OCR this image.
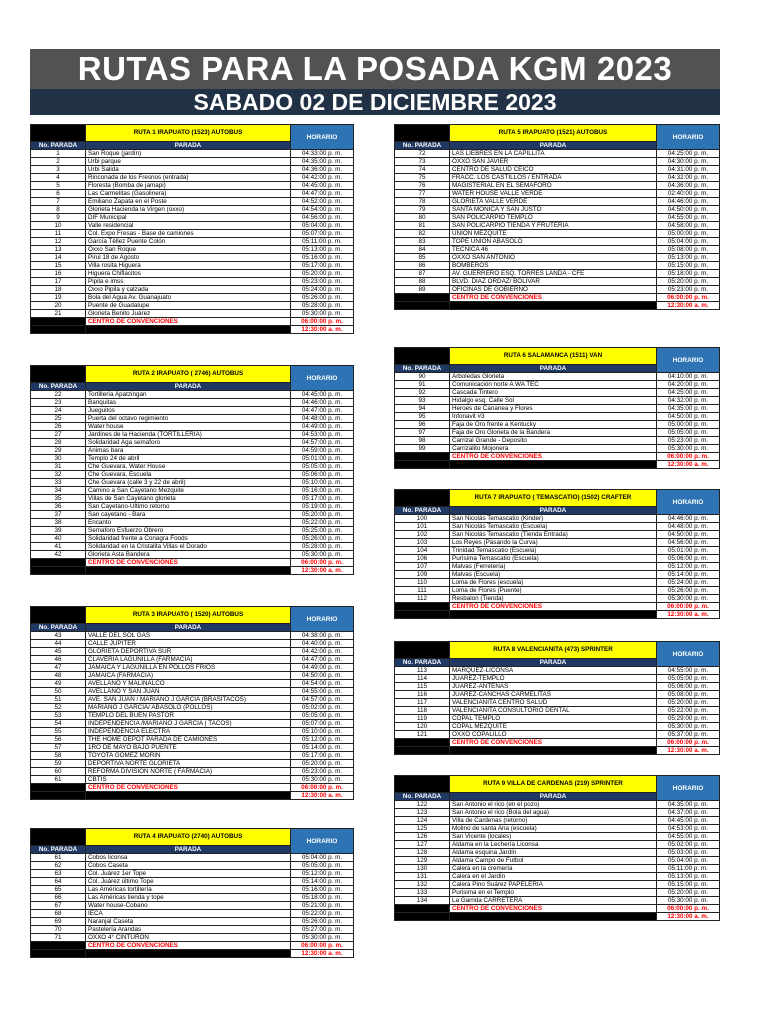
RUTAS PARA LA POSADA KGM 2023
SABADO 02 DE DICIEMBRE 2023
	RUTA 1 IRAPUATO (1523) AUTOBUS	HORARIO
No. PARADA	PARADA	
1	San Roque (jardín)	04:33:00 p. m.
2	Urbi parque	04:35:00 p. m.
3	Urbi Salida	04:36:00 p. m.
4	Rinconada de los Fresnos (entrada)	04:42:00 p. m.
5	Floresta (Bomba de jamapi)	04:45:00 p. m.
6	Las Carmelitas (Gasolinera)	04:47:00 p. m.
7	Emiliano Zapata en el Poste	04:52:00 p. m.
8	Glorieta Hacienda la Virgen (oxxo)	04:54:00 p. m.
9	DIF Municipal	04:56:00 p. m.
10	Valle residencial	05:04:00 p. m.
11	Col. Expo Fresas - Base de camiones	05:07:00 p. m.
12	García Téllez Puente Colón	05:11:00 p. m.
13	Oxxo San Roque	05:13:00 p. m.
14	Pirul 18 de Agosto	05:16:00 p. m.
15	Villa rosita Higuera	05:17:00 p. m.
16	Higuera Chiflacitos	05:20:00 p. m.
17	Pipila e imss	05:23:00 p. m.
18	Oxxo Pipila y calzada	05:24:00 p. m.
19	Bola del Agua Av. Guanajuato	05:26:00 p. m.
20	Puente de Guadalupe	05:28:00 p. m.
21	Glorieta Benito Juárez	05:30:00 p. m.
	CENTRO DE CONVENCIONES	06:00:00 p. m.
		12:30:00 a. m.
	RUTA 2 IRAPUATO ( 2746) AUTOBUS	HORARIO
No. PARADA	PARADA	
22	Tortillería Apatzingan	04:45:00 p. m.
23	Banquitas	04:46:00 p. m.
24	Jueguitos	04:47:00 p. m.
25	Puerta del octavo regimiento	04:48:00 p. m.
26	Water house	04:49:00 p. m.
27	Jardines de la Hacienda (TORTILLERIA)	04:53:00 p. m.
28	Solidaridad Aga semaforo	04:57:00 p. m.
29	Animas bara	04:59:00 p. m.
30	Templo 24 de abril	05:01:00 p. m.
31	Che Guevara, Water House	05:05:00 p. m.
32	Che Guevara, Escuela	05:06:00 p. m.
33	Che Guevara (calle 3 y 22 de abril)	05:10:00 p. m.
34	Camino a San Cayetano Mezquite	05:16:00 p. m.
35	Villas de San Cayetano glorieta	05:17:00 p. m.
36	San Cayetano-Ultimo retorno	05:19:00 p. m.
37	San cayetano - Bara	05:20:00 p. m.
38	Encanto	05:22:00 p. m.
39	Semaforo Esfuerzo Obrero	05:25:00 p. m.
40	Solidaridad frente a Conagra Foods	05:26:00 p. m.
41	Solidaridad en la Cristalita Villas el Dorado	05:28:00 p. m.
42	Glorieta Asta Bandera	05:30:00 p. m.
	CENTRO DE CONVENCIONES	06:00:00 p. m.
		12:30:00 a. m.
	RUTA 3 IRAPUATO ( 1520) AUTOBUS	HORARIO
No. PARADA	PARADA	
43	VALLE DEL SOL GAS	04:38:00 p. m.
44	CALLE JUPITER	04:40:00 p. m.
45	GLORIETA DEPORTIVA SUR	04:42:00 p. m.
46	CLAVERIA LAGUNILLA (FARMACIA)	04:47:00 p. m.
47	JAMAICA Y LAGUNILLA EN POLLOS FRIOS	04:49:00 p. m.
48	JAMAICA (FARMACIA)	04:50:00 p. m.
49	AVELLANO Y MALINALCO	04:54:00 p. m.
50	AVELLANO Y SAN JUAN	04:55:00 p. m.
51	AVE. SAN JUAN / MARIANO J GARCIA (BRASITACOS)	04:57:00 p. m.
52	MARIANO J GARCIA/ ABASOLO (POLLOS)	05:02:00 p. m.
53	TEMPLO DEL BUEN PASTOR	05:05:00 p. m.
54	INDEPENDENCIA /MARIANO J GARCIA ( TACOS)	05:07:00 p. m.
55	INDEPENDENCIA ELECTRA	05:10:00 p. m.
56	THE HOME DEPOT PARADA DE CAMIONES	05:12:00 p. m.
57	1RO DE MAYO BAJO PUENTE	05:14:00 p. m.
58	TOYOTA GOMEZ MORIN	05:17:00 p. m.
59	DEPORTIVA NORTE GLORIETA	05:20:00 p. m.
60	REFORMA DIVISION NORTE ( FARMACIA)	05:23:00 p. m.
61	CBTIS	05:30:00 p. m.
	CENTRO DE CONVENCIONES	06:00:00 p. m.
		12:30:00 a. m.
	RUTA 4 IRAPUATO (2740) AUTOBUS	HORARIO
No. PARADA	PARADA	
61	Cobos liconsa	05:04:00 p. m.
62	Cobos Caseta	05:05:00 p. m.
63	Col. Juárez 1er Tope	05:12:00 p. m.
64	Col. Juárez último Tope	05:14:00 p. m.
65	Las Américas tortillería	05:16:00 p. m.
66	Las Américas tienda y tope	05:18:00 p. m.
67	Water house-Cobano	05:21:00 p. m.
68	IECA	05:22:00 p. m.
69	Naranjal Caseta	05:26:00 p. m.
70	Pastelería Arandas	05:27:00 p. m.
71	OXXO 4° CINTURON	05:30:00 p. m.
	CENTRO DE CONVENCIONES	06:00:00 p. m.
		12:30:00 a. m.
	RUTA 5 IRAPUATO (1521) AUTOBUS	HORARIO
No. PARADA	PARADA	
72	LAS LIEBRES EN LA CAPILLITA	04:25:00 p. m.
73	OXXO SAN JAVIER	04:30:00 p. m.
74	CENTRO DE SALUD CEICO	04:31:00 p. m.
75	FRACC. LOS CASTILLOS / ENTRADA	04:32:00 p. m.
76	MAGISTERIAL EN EL SEMAFORO	04:36:00 p. m.
77	WATER HOUSE VALLE VERDE	02:40:00 p. m.
78	GLORIETA VALLE VERDE	04:46:00 p. m.
79	SANTA MONICA Y SAN JUSTO	04:50:00 p. m.
80	SAN POLICARPIO TEMPLO	04:55:00 p. m.
81	SAN POLICARPIO TIENDA Y FRUTERIA	04:58:00 p. m.
82	UNION MEZQUITE	05:00:00 p. m.
83	TOPE UNION ABASOLO	05:04:00 p. m.
84	TECNICA 46	05:08:00 p. m.
85	OXXO SAN ANTONIO	05:13:00 p. m.
86	BOMBEROS	05:15:00 p. m.
87	AV. GUERRERO ESQ. TORRES LANDA - CFE	05:18:00 p. m.
88	BLVD. DIAZ ORDAZ/ BOLIVAR	05:20:00 p. m.
89	OFICINAS DE GOBIERNO	05:23:00 p. m.
	CENTRO DE CONVENCIONES	06:00:00 p. m.
		12:30:00 a. m.
	RUTA 6 SALAMANCA (1511) VAN	HORARIO
No. PARADA	PARADA	
90	Arboledas Glorieta	04:10:00 p. m.
91	Comunicación norte A WA TEC	04:20:00 p. m.
92	Cascada Tintero	04:25:00 p. m.
93	Hidalgo esq. Calle Sol	04:32:00 p. m.
94	Heroes de Cananea y Flores	04:35:00 p. m.
95	Infonavit #3	04:50:00 p. m.
96	Faja de Oro frente a Kentucky	05:00:00 p. m.
97	Faja de Oro Glorieta de la Bandera	05:05:00 p. m.
98	Carrizal Grande - Deposito	05:23:00 p. m.
99	Carrizalito Mojonera	05:30:00 p. m.
	CENTRO DE CONVENCIONES	06:00:00 p. m.
		12:30:00 a. m.
	RUTA 7 IRAPUATO ( TEMASCATIO) (1502) CRAFTER	HORARIO
No. PARADA	PARADA	
100	San Nicolás Temascatio (Kinder)	04:46:00 p. m.
101	San Nicolás Temascatio (Escuela)	04:48:00 p. m.
102	San Nicolás Temascatio (Tienda Entrada)	04:50:00 p. m.
103	Los Reyes (Pasando la Curva)	04:56:00 p. m.
104	Trinidad Temascatio (Escuela)	05:01:00 p. m.
106	Purísima Temascatio (Escuela)	05:06:00 p. m.
107	Malvas (Ferretería)	05:12:00 p. m.
109	Malvas (Escuela)	05:14:00 p. m.
110	Loma de Flores (escuela)	05:24:00 p. m.
111	Loma de Flores (Puente)	05:26:00 p. m.
112	Resbalon (Tienda)	05:30:00 p. m.
	CENTRO DE CONVENCIONES	06:00:00 p. m.
		12:30:00 a. m.
	RUTA 8 VALENCIANITA (473) SPRINTER	HORARIO
No. PARADA	PARADA	
113	MARQUEZ-LICONSA	04:55:00 p. m.
114	JUAREZ-TEMPLO	05:05:00 p. m.
115	JUAREZ-ANTENAS	05:06:00 p. m.
116	JUAREZ-CANCHAS CARMELITAS	05:08:00 p. m.
117	VALENCIANITA CENTRO SALUD	05:20:00 p. m.
118	VALENCIANITA CONSULTORIO DENTAL	05:22:00 p. m.
119	COPAL TEMPLO	05:29:00 p. m.
120	COPAL MEZQUITE	05:30:00 p. m.
121	OXXO COPALILLO	05:37:00 p. m.
	CENTRO DE CONVENCIONES	06:00:00 p. m.
		12:30:00 a. m.
	RUTA 9 VILLA DE CARDENAS (219) SPRINTER	HORARIO
No. PARADA	PARADA	
122	San Antonio el rico (en el pozo)	04:35:00 p. m.
123	San Antonio el rico (Bola del agua)	04:37:00 p. m.
124	Villa de Cardenas (retorno)	04:45:00 p. m.
125	Molino de santa Ana (escuela)	04:53:00 p. m.
126	San Vicente (locales)	04:55:00 p. m.
127	Aldama en la Lechería Liconsa	05:02:00 p. m.
128	Aldama esquina Jardín	05:03:00 p. m.
129	Aldama Campo de Futbol	05:04:00 p. m.
130	Calera en la cremería	05:11:00 p. m.
131	Calera en el Jardín	05:13:00 p. m.
132	Calera Pino Suárez PAPELERIA	05:15:00 p. m.
133	Purisima en el Templo	05:20:00 p. m.
134	La Garrida CARRETERA	05:30:00 p. m.
	CENTRO DE CONVENCIONES	06:00:00 p. m.
		12:30:00 a. m.
